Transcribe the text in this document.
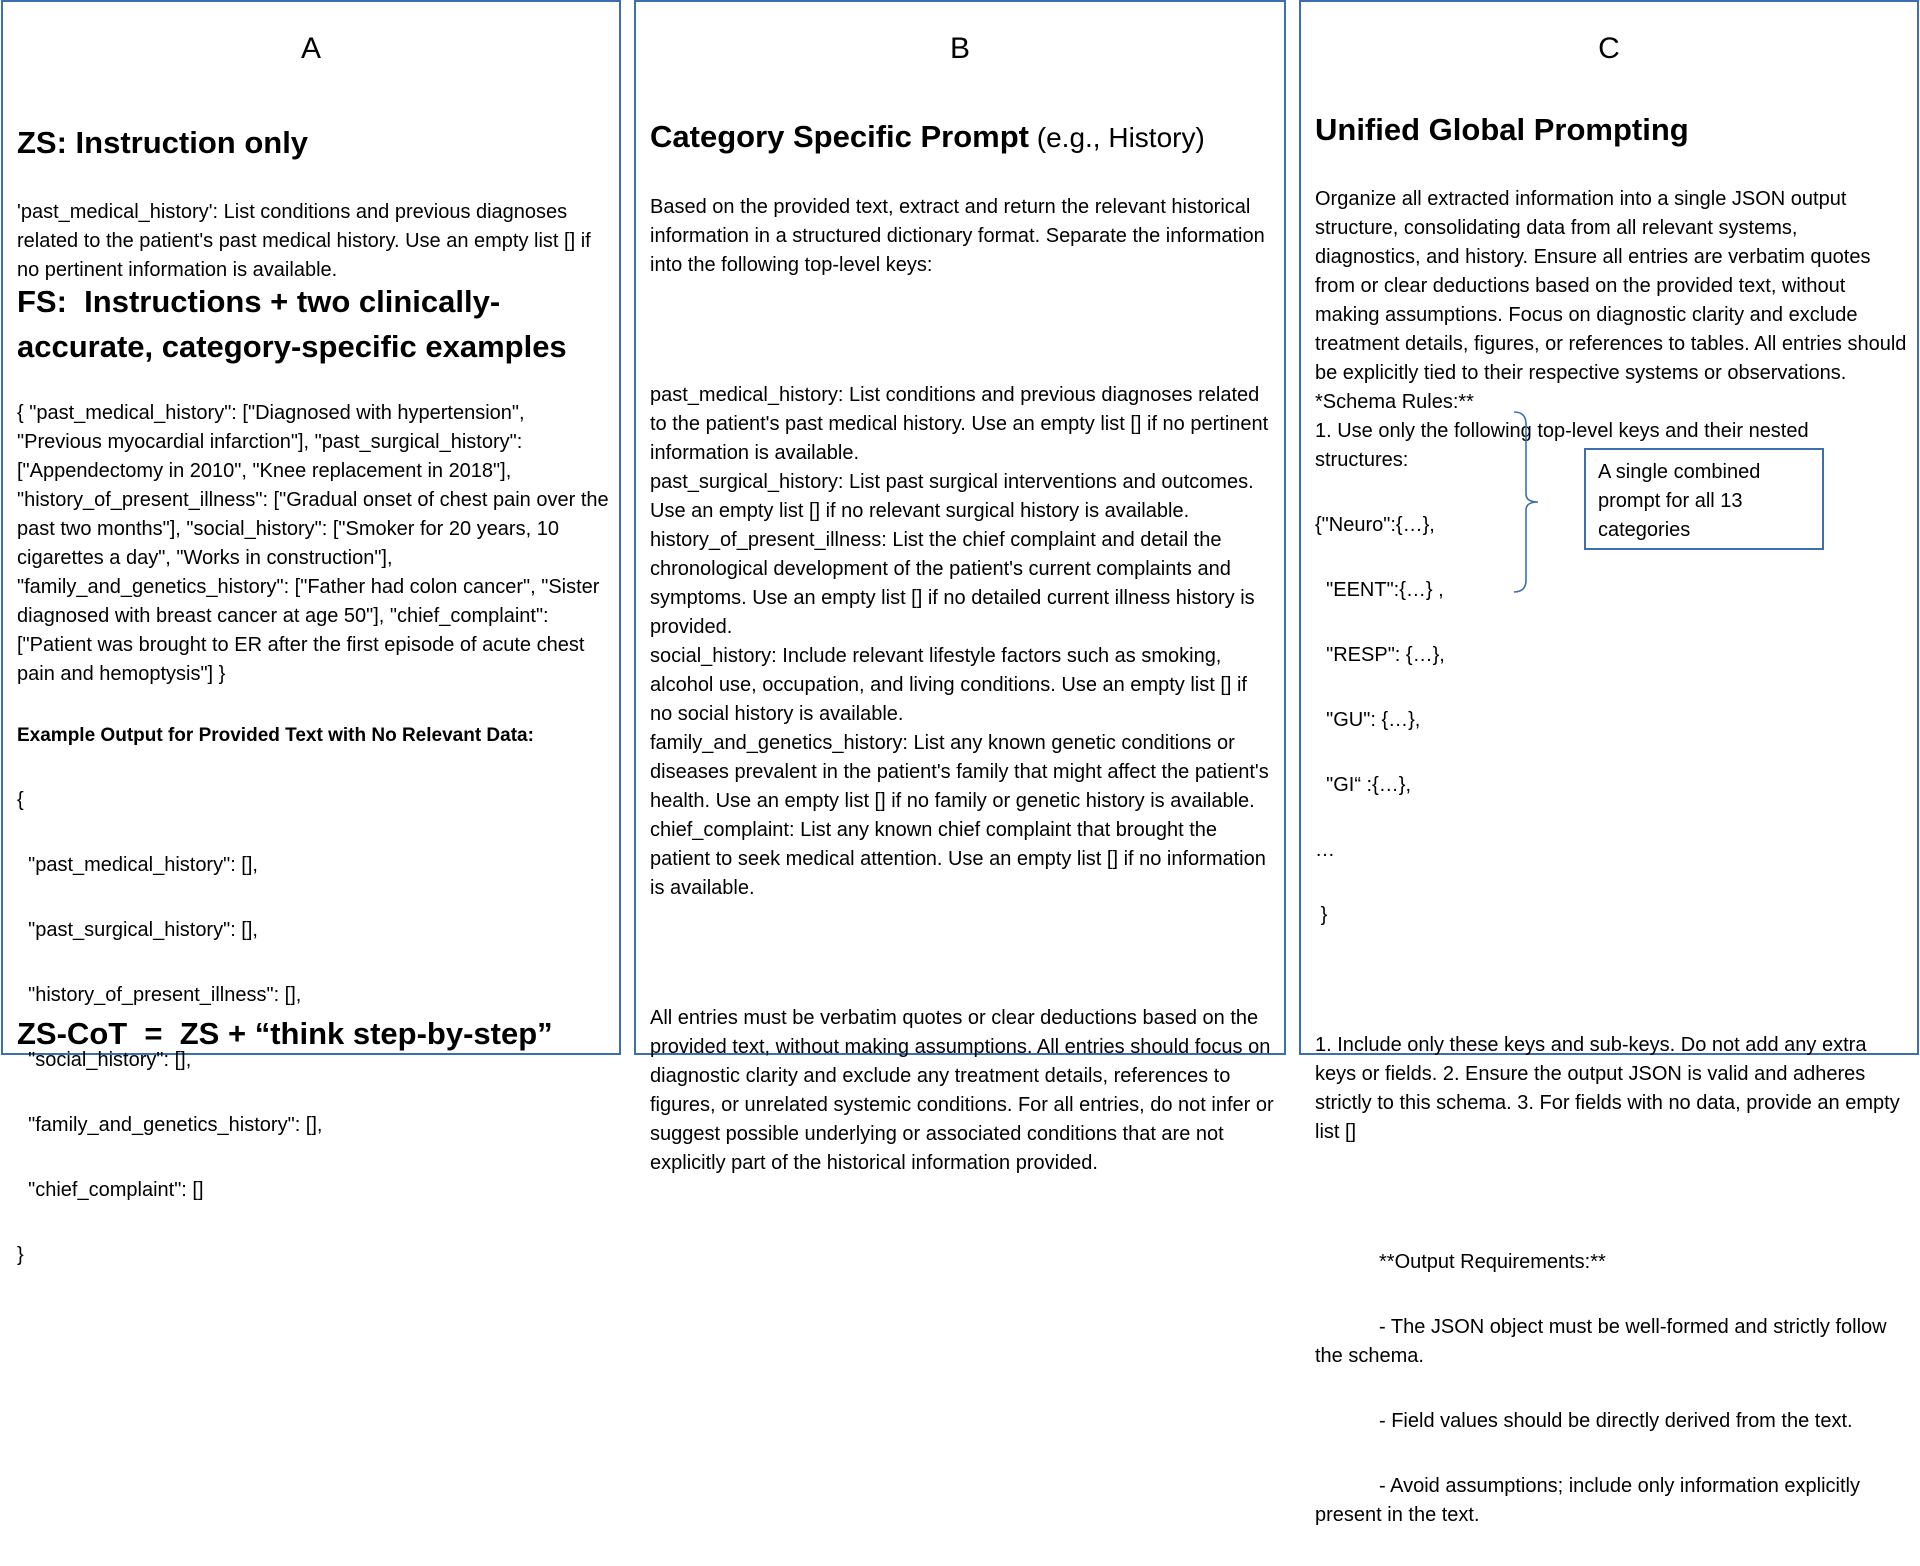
A

ZS: Instruction only

'past_medical_history': List conditions and previous diagnoses related to the patient's past medical history. Use an empty list [] if no pertinent information is available.

FS:  Instructions + two clinically-accurate, category-specific examples

{ "past_medical_history": ["Diagnosed with hypertension", "Previous myocardial infarction"], "past_surgical_history": ["Appendectomy in 2010", "Knee replacement in 2018"], "history_of_present_illness": ["Gradual onset of chest pain over the past two months"], "social_history": ["Smoker for 20 years, 10 cigarettes a day", "Works in construction"], "family_and_genetics_history": ["Father had colon cancer", "Sister diagnosed with breast cancer at age 50"], "chief_complaint": ["Patient was brought to ER after the first episode of acute chest pain and hemoptysis"] }

Example Output for Provided Text with No Relevant Data:

{

"past_medical_history": [],

"past_surgical_history": [],

"history_of_present_illness": [],

"social_history": [],

"family_and_genetics_history": [],

"chief_complaint": []

}

ZS-CoT  =  ZS + “think step-by-step”

B

Category Specific Prompt (e.g., History)

Based on the provided text, extract and return the relevant historical information in a structured dictionary format. Separate the information into the following top-level keys:

past_medical_history: List conditions and previous diagnoses related to the patient's past medical history. Use an empty list [] if no pertinent information is available.
past_surgical_history: List past surgical interventions and outcomes. Use an empty list [] if no relevant surgical history is available.
history_of_present_illness: List the chief complaint and detail the chronological development of the patient's current complaints and symptoms. Use an empty list [] if no detailed current illness history is provided.
social_history: Include relevant lifestyle factors such as smoking, alcohol use, occupation, and living conditions. Use an empty list [] if no social history is available.
family_and_genetics_history: List any known genetic conditions or diseases prevalent in the patient's family that might affect the patient's health. Use an empty list [] if no family or genetic history is available.
chief_complaint: List any known chief complaint that brought the patient to seek medical attention. Use an empty list [] if no information is available.

All entries must be verbatim quotes or clear deductions based on the provided text, without making assumptions. All entries should focus on diagnostic clarity and exclude any treatment details, references to figures, or unrelated systemic conditions. For all entries, do not infer or suggest possible underlying or associated conditions that are not explicitly part of the historical information provided.

C

Unified Global Prompting

Organize all extracted information into a single JSON output structure, consolidating data from all relevant systems, diagnostics, and history. Ensure all entries are verbatim quotes from or clear deductions based on the provided text, without making assumptions. Focus on diagnostic clarity and exclude treatment details, figures, or references to tables. All entries should be explicitly tied to their respective systems or observations. *Schema Rules:**
1. Use only the following top-level keys and their nested structures:

{"Neuro":{…},

"EENT":{…} ,

"RESP": {…},

"GU": {…},

"GI“ :{…},

…

}

1. Include only these keys and sub-keys. Do not add any extra keys or fields. 2. Ensure the output JSON is valid and adheres strictly to this schema. 3. For fields with no data, provide an empty list []

**Output Requirements:**

- The JSON object must be well-formed and strictly follow the schema.

- Field values should be directly derived from the text.

- Avoid assumptions; include only information explicitly present in the text.

A single combined prompt for all 13 categories
